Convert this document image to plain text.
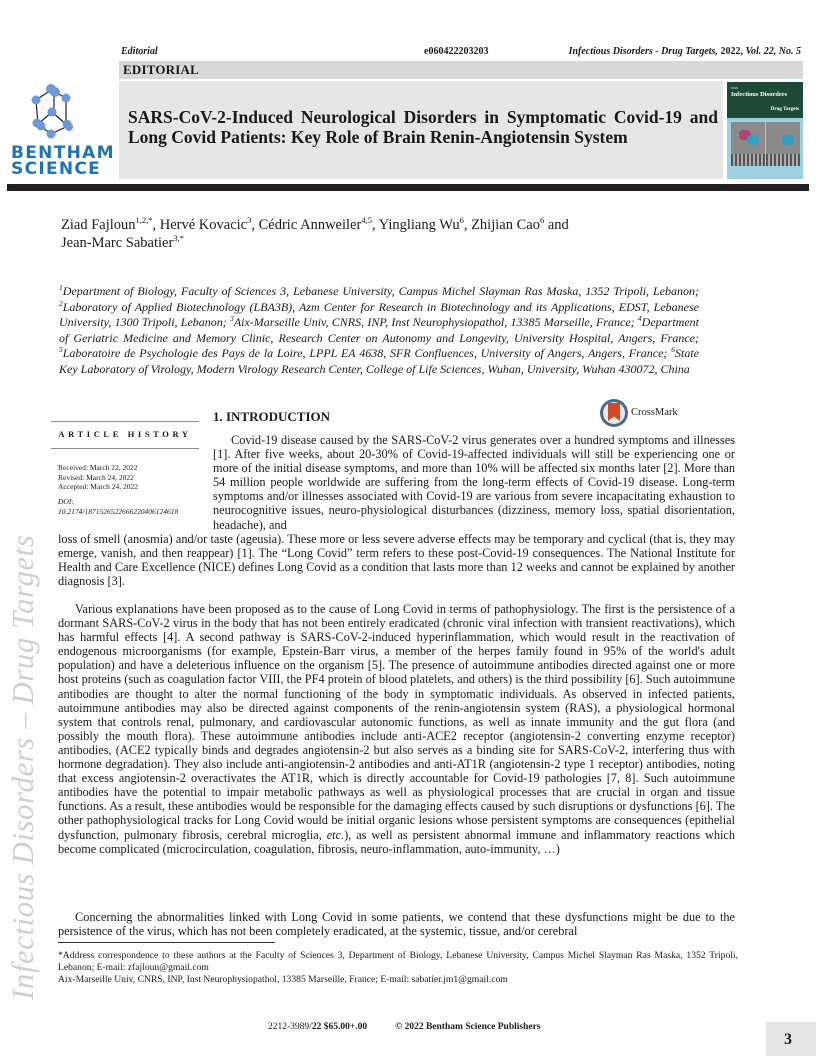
Editorial	e060422203203	Infectious Disorders - Drug Targets, 2022, Vol. 22, No. 5
EDITORIAL
BENTHAM
SCIENCE
SARS-CoV-2-Induced Neurological Disorders in Symptomatic Covid-19 and Long Covid Patients: Key Role of Brain Renin-Angiotensin System
ISSN
Infectious Disorders
Drug Targets
Ziad Fajloun$^{1,2,*}$, Hervé Kovacic$^3$, Cédric Annweiler$^{4,5}$, Yingliang Wu$^6$, Zhijian Cao$^6$ and
Jean-Marc Sabatier$^{3,*}$
$^1$Department of Biology, Faculty of Sciences 3, Lebanese University, Campus Michel Slayman Ras Maska, 1352 Tripoli, Lebanon; $^2$Laboratory of Applied Biotechnology (LBA3B), Azm Center for Research in Biotechnology and its Applications, EDST, Lebanese University, 1300 Tripoli, Lebanon; $^3$Aix-Marseille Univ, CNRS, INP, Inst Neurophysiopathol, 13385 Marseille, France; $^4$Department of Geriatric Medicine and Memory Clinic, Research Center on Autonomy and Longevity, University Hospital, Angers, France; $^5$Laboratoire de Psychologie des Pays de la Loire, LPPL EA 4638, SFR Confluences, University of Angers, Angers, France; $^6$State Key Laboratory of Virology, Modern Virology Research Center, College of Life Sciences, Wuhan, University, Wuhan 430072, China
Infectious Disorders – Drug Targets
ARTICLE HISTORY
Received: March 22, 2022
Revised: March 24, 2022
Accepted: March 24, 2022
DOI:
10.2174/1871526522666220406124618
1. INTRODUCTION	CrossMark
Covid-19 disease caused by the SARS-CoV-2 virus generates over a hundred symptoms and illnesses [1]. After five weeks, about 20-30% of Covid-19-affected individuals will still be experiencing one or more of the initial disease symptoms, and more than 10% will be affected six months later [2]. More than 54 million people worldwide are suffering from the long-term effects of Covid-19 disease. Long-term symptoms and/or illnesses associated with Covid-19 are various from severe incapacitating exhaustion to neurocognitive issues, neuro-physiological disturbances (dizziness, memory loss, spatial disorientation, headache), and
loss of smell (anosmia) and/or taste (ageusia). These more or less severe adverse effects may be temporary and cyclical (that is, they may emerge, vanish, and then reappear) [1]. The “Long Covid” term refers to these post-Covid-19 consequences. The National Institute for Health and Care Excellence (NICE) defines Long Covid as a condition that lasts more than 12 weeks and cannot be explained by another diagnosis [3].
Various explanations have been proposed as to the cause of Long Covid in terms of pathophysiology. The first is the persistence of a dormant SARS-CoV-2 virus in the body that has not been entirely eradicated (chronic viral infection with transient reactivations), which has harmful effects [4]. A second pathway is SARS-CoV-2-induced hyperinflammation, which would result in the reactivation of endogenous microorganisms (for example, Epstein-Barr virus, a member of the herpes family found in 95% of the world's adult population) and have a deleterious influence on the organism [5]. The presence of autoimmune antibodies directed against one or more host proteins (such as coagulation factor VIII, the PF4 protein of blood platelets, and others) is the third possibility [6]. Such autoimmune antibodies are thought to alter the normal functioning of the body in symptomatic individuals. As observed in infected patients, autoimmune antibodies may also be directed against components of the renin-angiotensin system (RAS), a physiological hormonal system that controls renal, pulmonary, and cardiovascular autonomic functions, as well as innate immunity and the gut flora (and possibly the mouth flora). These autoimmune antibodies include anti-ACE2 receptor (angiotensin-2 converting enzyme receptor) antibodies, (ACE2 typically binds and degrades angiotensin-2 but also serves as a binding site for SARS-CoV-2, interfering thus with hormone degradation). They also include anti-angiotensin-2 antibodies and anti-AT1R (angiotensin-2 type 1 receptor) antibodies, noting that excess angiotensin-2 overactivates the AT1R, which is directly accountable for Covid-19 pathologies [7, 8]. Such autoimmune antibodies have the potential to impair metabolic pathways as well as physiological processes that are crucial in organ and tissue functions. As a result, these antibodies would be responsible for the damaging effects caused by such disruptions or dysfunctions [6]. The other pathophysiological tracks for Long Covid would be initial organic lesions whose persistent symptoms are consequences (epithelial dysfunction, pulmonary fibrosis, cerebral microglia, etc.), as well as persistent abnormal immune and inflammatory reactions which become complicated (microcirculation, coagulation, fibrosis, neuro-inflammation, auto-immunity, …)
Concerning the abnormalities linked with Long Covid in some patients, we contend that these dysfunctions might be due to the persistence of the virus, which has not been completely eradicated, at the systemic, tissue, and/or cerebral
*Address correspondence to these authors at the Faculty of Sciences 3, Department of Biology, Lebanese University, Campus Michel Slayman Ras Maska, 1352 Tripoli, Lebanon; E-mail: zfajloun@gmail.com
Aix-Marseille Univ, CNRS, INP, Inst Neurophysiopathol, 13385 Marseille, France; E-mail: sabatier.jm1@gmail.com
2212-3989/22 $65.00+.00	© 2022 Bentham Science Publishers
3
